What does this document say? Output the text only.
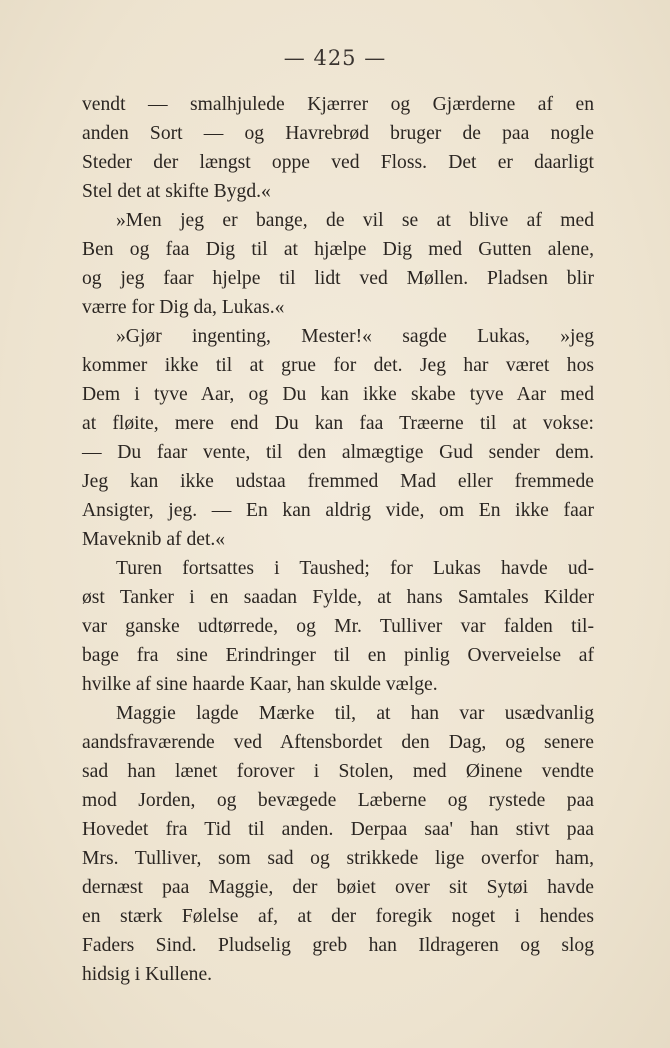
— 425 —
vendt — smalhjulede Kjærrer og Gjærderne af en
anden Sort — og Havrebrød bruger de paa nogle
Steder der længst oppe ved Floss. Det er daarligt
Stel det at skifte Bygd.«
»Men jeg er bange, de vil se at blive af med
Ben og faa Dig til at hjælpe Dig med Gutten alene,
og jeg faar hjelpe til lidt ved Møllen. Pladsen blir
værre for Dig da, Lukas.«
»Gjør ingenting, Mester!« sagde Lukas, »jeg
kommer ikke til at grue for det. Jeg har været hos
Dem i tyve Aar, og Du kan ikke skabe tyve Aar med
at fløite, mere end Du kan faa Træerne til at vokse:
— Du faar vente, til den almægtige Gud sender dem.
Jeg kan ikke udstaa fremmed Mad eller fremmede
Ansigter, jeg. — En kan aldrig vide, om En ikke faar
Maveknib af det.«
Turen fortsattes i Taushed; for Lukas havde ud-
øst Tanker i en saadan Fylde, at hans Samtales Kilder
var ganske udtørrede, og Mr. Tulliver var falden til-
bage fra sine Erindringer til en pinlig Overveielse af
hvilke af sine haarde Kaar, han skulde vælge.
Maggie lagde Mærke til, at han var usædvanlig
aandsfraværende ved Aftensbordet den Dag, og senere
sad han lænet forover i Stolen, med Øinene vendte
mod Jorden, og bevægede Læberne og rystede paa
Hovedet fra Tid til anden. Derpaa saa' han stivt paa
Mrs. Tulliver, som sad og strikkede lige overfor ham,
dernæst paa Maggie, der bøiet over sit Sytøi havde
en stærk Følelse af, at der foregik noget i hendes
Faders Sind. Pludselig greb han Ildrageren og slog
hidsig i Kullene.
